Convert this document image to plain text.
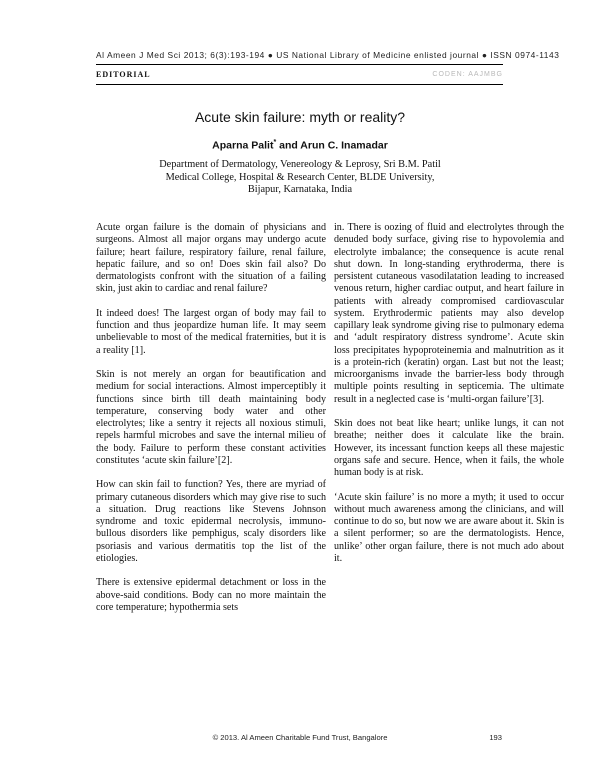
Al Ameen J Med Sci 2013; 6(3):193-194 ● US National Library of Medicine enlisted journal ● ISSN 0974-1143
EDITORIAL	CODEN: AAJMBG
Acute skin failure: myth or reality?
Aparna Palit* and Arun C. Inamadar
Department of Dermatology, Venereology & Leprosy, Sri B.M. Patil Medical College, Hospital & Research Center, BLDE University, Bijapur, Karnataka, India

Acute organ failure is the domain of physicians and surgeons. Almost all major organs may undergo acute failure; heart failure, respiratory failure, renal failure, hepatic failure, and so on! Does skin fail also? Do dermatologists confront with the situation of a failing skin, just akin to cardiac and renal failure?

It indeed does! The largest organ of body may fail to function and thus jeopardize human life. It may seem unbelievable to most of the medical fraternities, but it is a reality [1].

Skin is not merely an organ for beautification and medium for social interactions. Almost imperceptibly it functions since birth till death maintaining body temperature, conserving body water and other electrolytes; like a sentry it rejects all noxious stimuli, repels harmful microbes and save the internal milieu of the body. Failure to perform these constant activities constitutes ‘acute skin failure’[2].

How can skin fail to function? Yes, there are myriad of primary cutaneous disorders which may give rise to such a situation. Drug reactions like Stevens Johnson syndrome and toxic epidermal necrolysis, immuno-bullous disorders like pemphigus, scaly disorders like psoriasis and various dermatitis top the list of the etiologies.

There is extensive epidermal detachment or loss in the above-said conditions. Body can no more maintain the core temperature; hypothermia sets

in. There is oozing of fluid and electrolytes through the denuded body surface, giving rise to hypovolemia and electrolyte imbalance; the consequence is acute renal shut down. In long-standing erythroderma, there is persistent cutaneous vasodilatation leading to increased venous return, higher cardiac output, and heart failure in patients with already compromised cardiovascular system. Erythrodermic patients may also develop capillary leak syndrome giving rise to pulmonary edema and ‘adult respiratory distress syndrome’. Acute skin loss precipitates hypoproteinemia and malnutrition as it is a protein-rich (keratin) organ. Last but not the least; microorganisms invade the barrier-less body through multiple points resulting in septicemia. The ultimate result in a neglected case is ‘multi-organ failure’[3].

Skin does not beat like heart; unlike lungs, it can not breathe; neither does it calculate like the brain. However, its incessant function keeps all these majestic organs safe and secure. Hence, when it fails, the whole human body is at risk.

‘Acute skin failure’ is no more a myth; it used to occur without much awareness among the clinicians, and will continue to do so, but now we are aware about it. Skin is a silent performer; so are the dermatologists. Hence, unlike’ other organ failure, there is not much ado about it.

© 2013. Al Ameen Charitable Fund Trust, Bangalore	193
